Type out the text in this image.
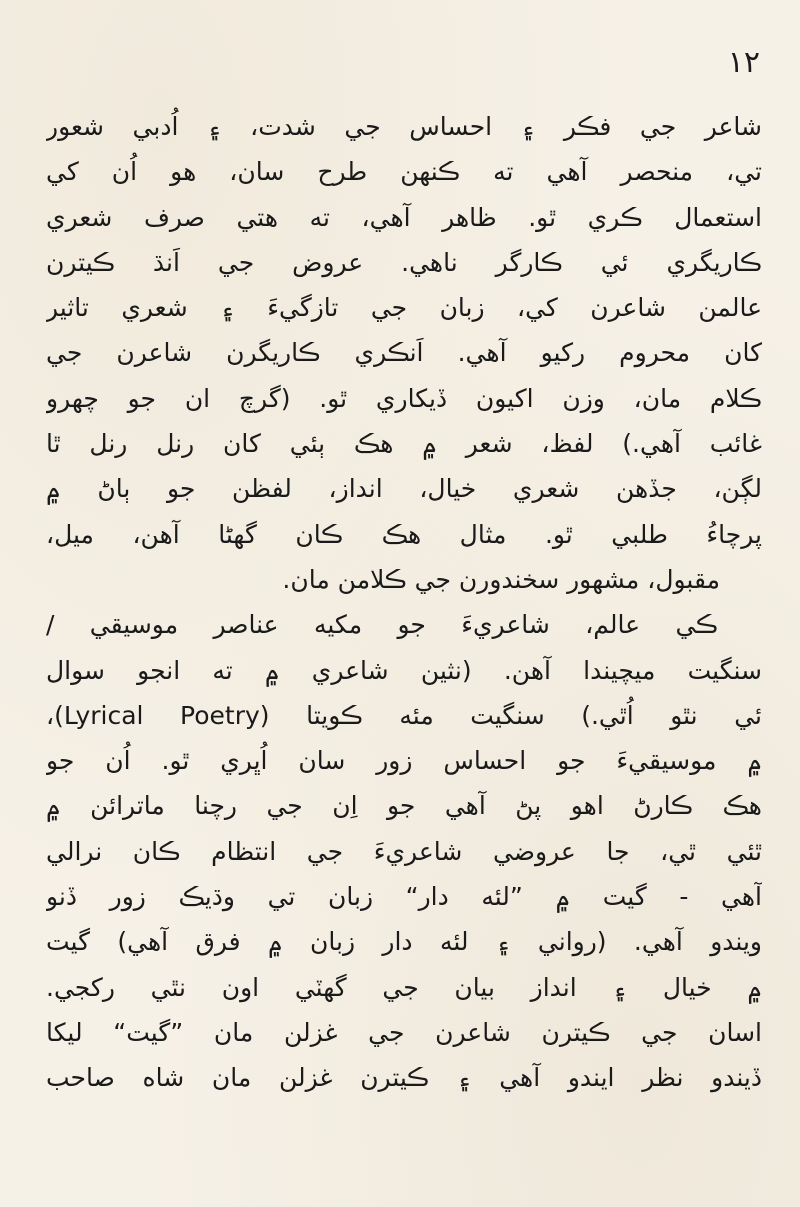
١٢
شاعر جي فڪر ۽ احساس جي شدت، ۽ اُدبي شعور
تي، منحصر آهي ته ڪنهن طرح سان، هو اُن کي
استعمال ڪري ٿو. ظاهر آهي، ته هتي صرف شعري
ڪاريگري ئي ڪارگر ناهي. عروض جي اَنڌ ڪيترن
عالمن شاعرن کي، زبان جي تازگيءَ ۽ شعري تاثير
کان محروم رکيو آهي. اَنڪري ڪاريگرن شاعرن جي
ڪلام مان، وزن اکيون ڏيکاري ٿو. (گرچ ان جو چهرو
غائب آهي.) لفظ، شعر ۾ هڪ ٻئي کان رنل رنل ٿا
لڳن، جڏهن شعري خيال، انداز، لفظن جو ٻاڻ ۾
پرچاءُ طلبي ٿو. مثال هڪ ڪان گهڻا آهن، ميل،
مقبول، مشهور سخندورن جي ڪلامن مان.
ڪي عالم، شاعريءَ جو مکيه عناصر موسيقي /
سنگيت ميچيندا آهن. (نثين شاعري ۾ ته انجو سوال
ئي نٿو اُٿي.) سنگيت مئه ڪويتا (Lyrical Poetry)،
۾ موسيقيءَ جو احساس زور سان اُڀري ٿو. اُن جو
هڪ ڪارڻ اهو پڻ آهي جو اِن جي رچنا ماترائن ۾
ٿئي ٿي، جا عروضي شاعريءَ جي انتظام ڪان نرالي
آهي - گيت ۾ ”لئه دار“ زبان تي وڌيڪ زور ڏنو
ويندو آهي. (رواني ۽ لئه دار زبان ۾ فرق آهي) گيت
۾ خيال ۽ انداز بيان جي گهٽي اون نٿي رکجي.
اسان جي ڪيترن شاعرن جي غزلن مان ”گيت“ ليکا
ڏيندو نظر ايندو آهي ۽ ڪيترن غزلن مان شاه صاحب
